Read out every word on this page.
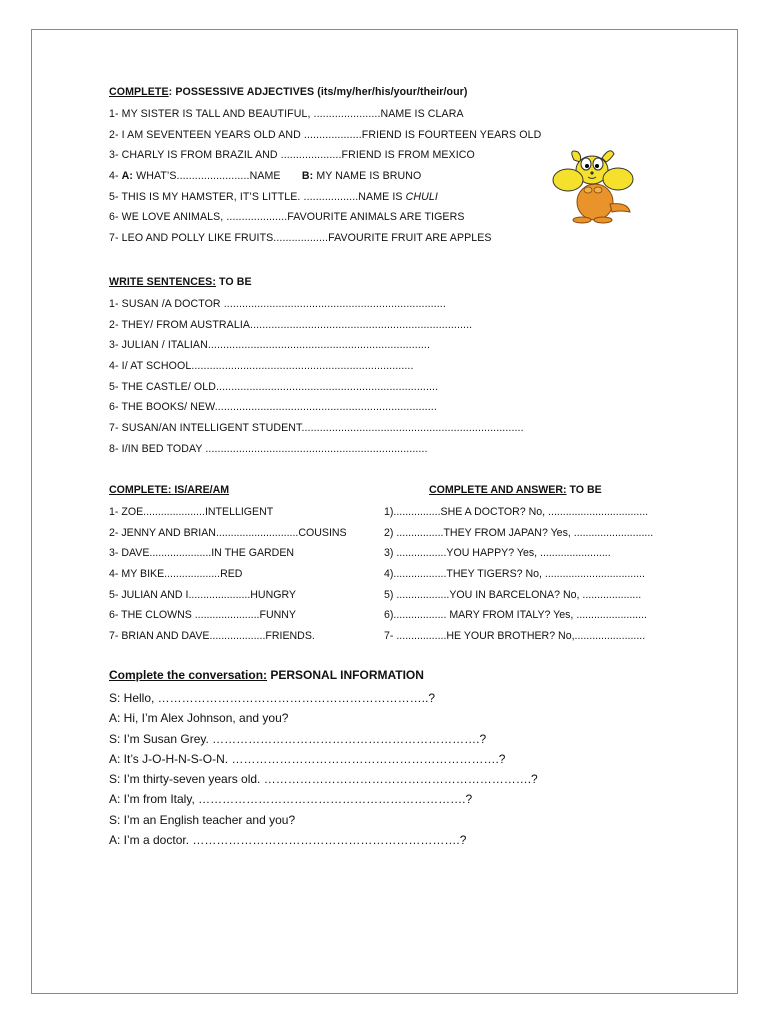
COMPLETE: POSSESSIVE ADJECTIVES (its/my/her/his/your/their/our)
1- MY SISTER IS TALL AND BEAUTIFUL, ......................NAME IS CLARA
2- I AM SEVENTEEN YEARS OLD AND ...................FRIEND IS FOURTEEN YEARS OLD
3- CHARLY IS FROM BRAZIL AND ....................FRIEND IS FROM MEXICO
4- A: WHAT’S........................NAME B: MY NAME IS BRUNO
5- THIS IS MY HAMSTER, IT’S LITTLE. ..................NAME IS CHULI
6- WE LOVE ANIMALS, ....................FAVOURITE ANIMALS ARE TIGERS
7- LEO AND POLLY LIKE FRUITS..................FAVOURITE FRUIT ARE APPLES
WRITE SENTENCES: TO BE
1- SUSAN /A DOCTOR .........................................................................
2- THEY/ FROM AUSTRALIA.........................................................................
3- JULIAN / ITALIAN.........................................................................
4- I/ AT SCHOOL.........................................................................
5- THE CASTLE/ OLD.........................................................................
6- THE BOOKS/ NEW.........................................................................
7- SUSAN/AN INTELLIGENT STUDENT.........................................................................
8- I/IN BED TODAY .........................................................................
COMPLETE: IS/ARE/AM
1- ZOE.....................INTELLIGENT
2- JENNY AND BRIAN............................COUSINS
3- DAVE.....................IN THE GARDEN
4- MY BIKE...................RED
5- JULIAN AND I.....................HUNGRY
6- THE CLOWNS ......................FUNNY
7- BRIAN AND DAVE...................FRIENDS.
COMPLETE AND ANSWER: TO BE
1)................SHE A DOCTOR? No, ..................................
2) ................THEY FROM JAPAN? Yes, ...........................
3) .................YOU HAPPY? Yes, ........................
4)..................THEY TIGERS? No, ..................................
5) ..................YOU IN BARCELONA? No, ....................
6).................. MARY FROM ITALY? Yes, ........................
7- .................HE YOUR BROTHER? No,........................
Complete the conversation: PERSONAL INFORMATION
S: Hello, …………………………………………………………..?
A: Hi, I’m Alex Johnson, and you?
S: I’m Susan Grey. ………………………………………………………….?
A: It’s J-O-H-N-S-O-N. ………………………………………………………….?
S: I’m thirty-seven years old. ………………………………………………………….?
A: I’m from Italy, ………………………………………………………….?
S: I’m an English teacher and you?
A: I’m a doctor. ………………………………………………………….?
